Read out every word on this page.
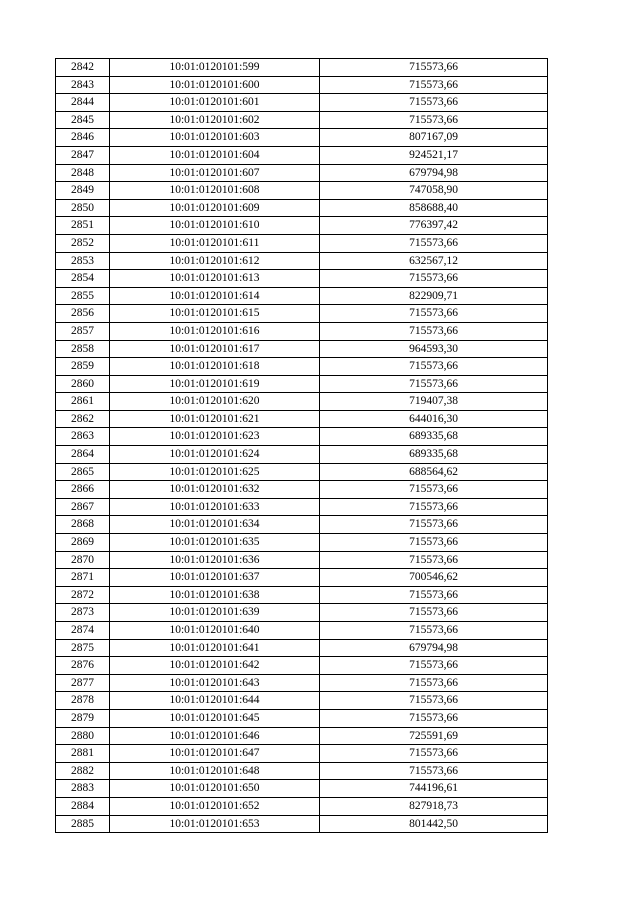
2842	10:01:0120101:599	715573,66
2843	10:01:0120101:600	715573,66
2844	10:01:0120101:601	715573,66
2845	10:01:0120101:602	715573,66
2846	10:01:0120101:603	807167,09
2847	10:01:0120101:604	924521,17
2848	10:01:0120101:607	679794,98
2849	10:01:0120101:608	747058,90
2850	10:01:0120101:609	858688,40
2851	10:01:0120101:610	776397,42
2852	10:01:0120101:611	715573,66
2853	10:01:0120101:612	632567,12
2854	10:01:0120101:613	715573,66
2855	10:01:0120101:614	822909,71
2856	10:01:0120101:615	715573,66
2857	10:01:0120101:616	715573,66
2858	10:01:0120101:617	964593,30
2859	10:01:0120101:618	715573,66
2860	10:01:0120101:619	715573,66
2861	10:01:0120101:620	719407,38
2862	10:01:0120101:621	644016,30
2863	10:01:0120101:623	689335,68
2864	10:01:0120101:624	689335,68
2865	10:01:0120101:625	688564,62
2866	10:01:0120101:632	715573,66
2867	10:01:0120101:633	715573,66
2868	10:01:0120101:634	715573,66
2869	10:01:0120101:635	715573,66
2870	10:01:0120101:636	715573,66
2871	10:01:0120101:637	700546,62
2872	10:01:0120101:638	715573,66
2873	10:01:0120101:639	715573,66
2874	10:01:0120101:640	715573,66
2875	10:01:0120101:641	679794,98
2876	10:01:0120101:642	715573,66
2877	10:01:0120101:643	715573,66
2878	10:01:0120101:644	715573,66
2879	10:01:0120101:645	715573,66
2880	10:01:0120101:646	725591,69
2881	10:01:0120101:647	715573,66
2882	10:01:0120101:648	715573,66
2883	10:01:0120101:650	744196,61
2884	10:01:0120101:652	827918,73
2885	10:01:0120101:653	801442,50
